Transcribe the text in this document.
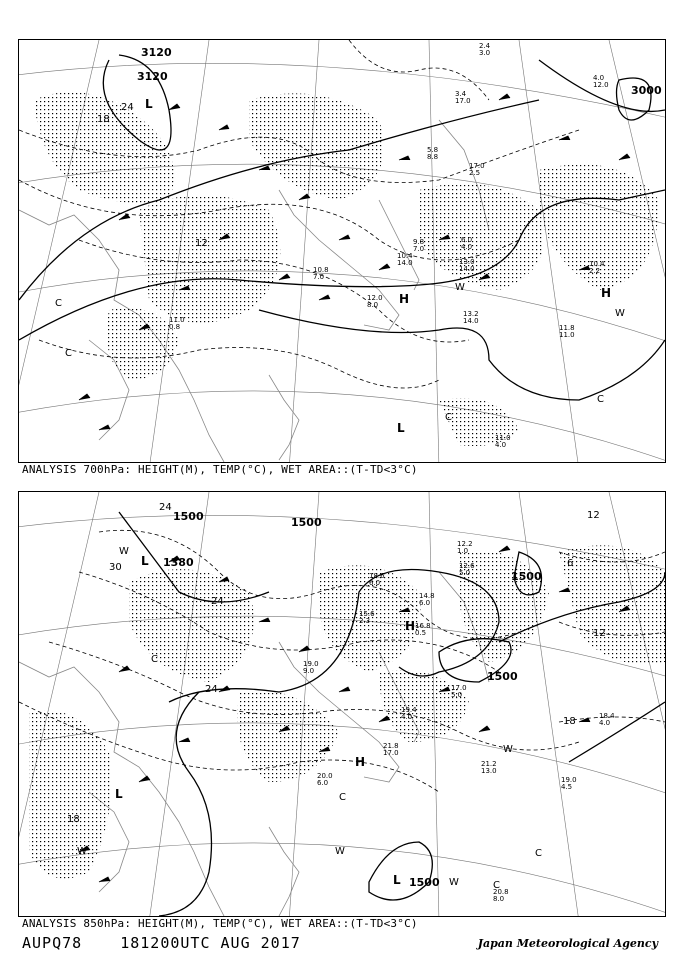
L
H	H
L
C
C
C
C
W
W
3120
3120
3000
24
18
12
11.8 11.0
13.2 14.0
10.4 2.2
11.0 4.0
12.0 8.0
9.8 7.0
6.0 4.0
17.0 2.5
5.8 8.8
3.4 17.0
2.4 3.0
4.0 12.0
11.0 0.8
13.0 14.0
10.4 14.0
10.8 7.0
ANALYSIS 700hPa: HEIGHT(M), TEMP(°C), WET AREA::(T-TD<3°C)
L
W
H
H
L
L
C
C
C
C
W	W
W
W
1500	1500
1500
1500
1500
1380
24
30
24
24
18
18
12
12
6
21.2 13.0
20.8 8.0
19.0 4.5
18.4 4.0
16.8 0.5
12.2 1.0
20.0 6.0
21.8 17.0
19.4 4.0
18.6 6.0
15.6 2.3
14.8 6.0
17.0 5.0
12.6 5.0
19.0 9.0
ANALYSIS 850hPa: HEIGHT(M), TEMP(°C), WET AREA::(T-TD<3°C)
AUPQ78	181200UTC AUG 2017	Japan Meteorological Agency
